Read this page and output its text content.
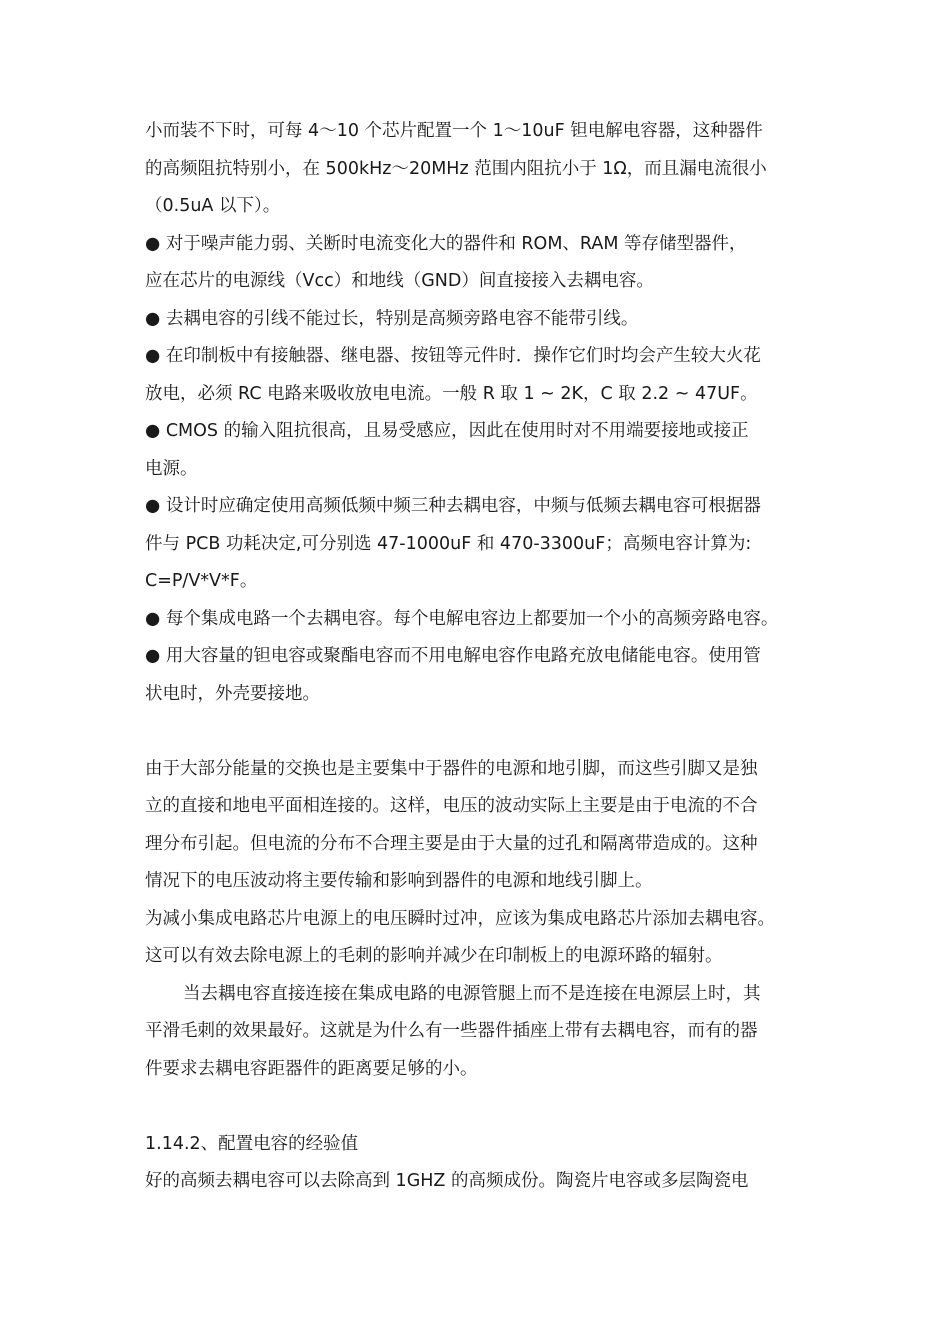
小而装不下时，可每 4～10 个芯片配置一个 1～10uF 钽电解电容器，这种器件
的高频阻抗特别小，在 500kHz～20MHz 范围内阻抗小于 1Ω，而且漏电流很小
（0.5uA 以下）。
● 对于噪声能力弱、关断时电流变化大的器件和 ROM、RAM 等存储型器件，
应在芯片的电源线（Vcc）和地线（GND）间直接接入去耦电容。
● 去耦电容的引线不能过长，特别是高频旁路电容不能带引线。
● 在印制板中有接触器、继电器、按钮等元件时．操作它们时均会产生较大火花
放电，必须 RC 电路来吸收放电电流。一般 R 取 1 ~ 2K，C 取 2.2 ~ 47UF。
● CMOS 的输入阻抗很高，且易受感应，因此在使用时对不用端要接地或接正
电源。
● 设计时应确定使用高频低频中频三种去耦电容，中频与低频去耦电容可根据器
件与 PCB 功耗决定,可分别选 47-1000uF 和 470-3300uF；高频电容计算为:
C=P/V*V*F。
● 每个集成电路一个去耦电容。每个电解电容边上都要加一个小的高频旁路电容。
● 用大容量的钽电容或聚酯电容而不用电解电容作电路充放电储能电容。使用管
状电时，外壳要接地。
由于大部分能量的交换也是主要集中于器件的电源和地引脚，而这些引脚又是独
立的直接和地电平面相连接的。这样，电压的波动实际上主要是由于电流的不合
理分布引起。但电流的分布不合理主要是由于大量的过孔和隔离带造成的。这种
情况下的电压波动将主要传输和影响到器件的电源和地线引脚上。
为减小集成电路芯片电源上的电压瞬时过冲，应该为集成电路芯片添加去耦电容。
这可以有效去除电源上的毛刺的影响并减少在印制板上的电源环路的辐射。
当去耦电容直接连接在集成电路的电源管腿上而不是连接在电源层上时，其
平滑毛刺的效果最好。这就是为什么有一些器件插座上带有去耦电容，而有的器
件要求去耦电容距器件的距离要足够的小。
1.14.2、配置电容的经验值
好的高频去耦电容可以去除高到 1GHZ 的高频成份。陶瓷片电容或多层陶瓷电
